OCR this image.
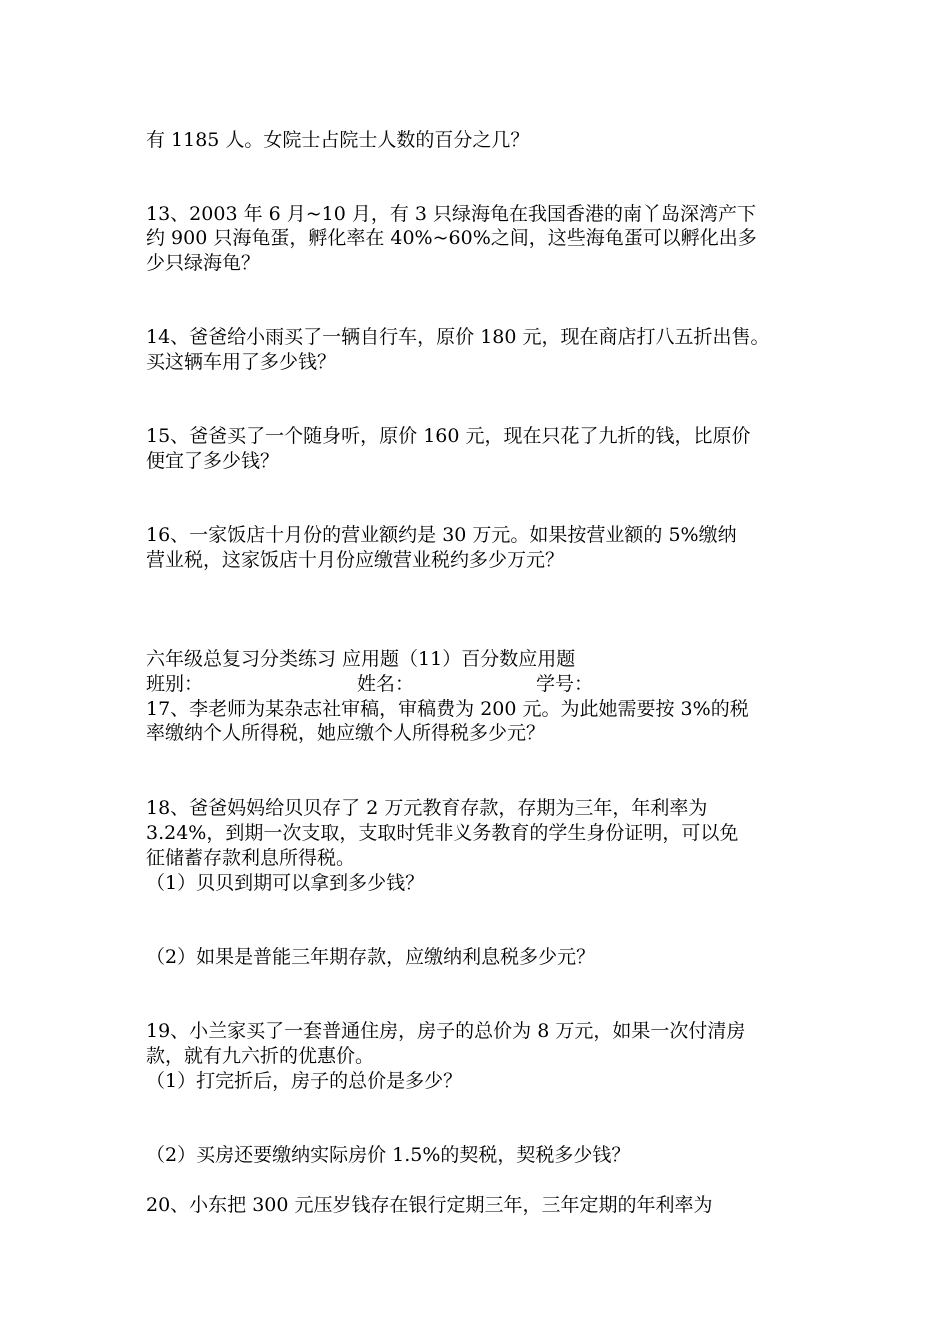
有 1185 人。女院士占院士人数的百分之几？
13、2003 年 6 月~10 月，有 3 只绿海龟在我国香港的南丫岛深湾产下
约 900 只海龟蛋，孵化率在 40%~60%之间，这些海龟蛋可以孵化出多
少只绿海龟？
14、爸爸给小雨买了一辆自行车，原价 180 元，现在商店打八五折出售。
买这辆车用了多少钱？
15、爸爸买了一个随身听，原价 160 元，现在只花了九折的钱，比原价
便宜了多少钱？
16、一家饭店十月份的营业额约是 30 万元。如果按营业额的 5%缴纳
营业税，这家饭店十月份应缴营业税约多少万元？
六年级总复习分类练习 应用题（11）百分数应用题
班别：	姓名：	学号：
17、李老师为某杂志社审稿，审稿费为 200 元。为此她需要按 3%的税
率缴纳个人所得税，她应缴个人所得税多少元？
18、爸爸妈妈给贝贝存了 2 万元教育存款，存期为三年，年利率为
3.24%，到期一次支取，支取时凭非义务教育的学生身份证明，可以免
征储蓄存款利息所得税。
（1）贝贝到期可以拿到多少钱？
（2）如果是普能三年期存款，应缴纳利息税多少元？
19、小兰家买了一套普通住房，房子的总价为 8 万元，如果一次付清房
款，就有九六折的优惠价。
（1）打完折后，房子的总价是多少？
（2）买房还要缴纳实际房价 1.5%的契税，契税多少钱？
20、小东把 300 元压岁钱存在银行定期三年，三年定期的年利率为
